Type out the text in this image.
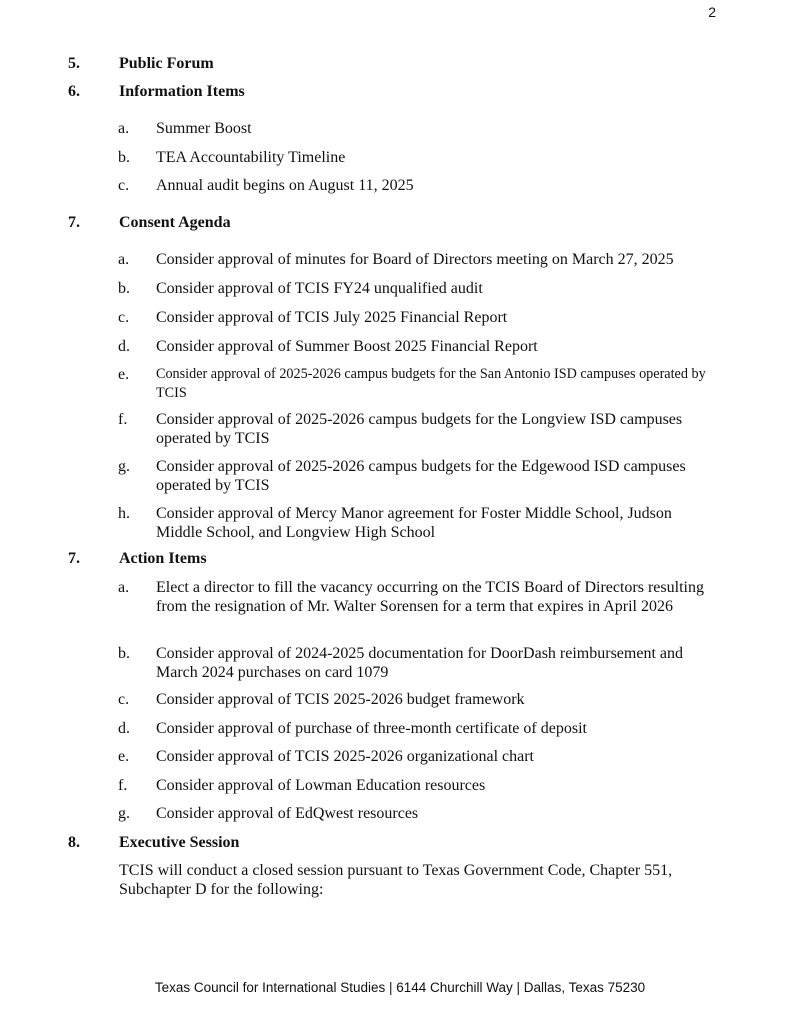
2
5.	Public Forum
6.	Information Items
a.	Summer Boost
b.	TEA Accountability Timeline
c.	Annual audit begins on August 11, 2025
7.	Consent Agenda
a.	Consider approval of minutes for Board of Directors meeting on March 27, 2025
b.	Consider approval of TCIS FY24 unqualified audit
c.	Consider approval of TCIS July 2025 Financial Report
d.	Consider approval of Summer Boost 2025 Financial Report
e.	Consider approval of 2025-2026 campus budgets for the San Antonio ISD campuses operated by TCIS
f.	Consider approval of 2025-2026 campus budgets for the Longview ISD campuses operated by TCIS
g.	Consider approval of 2025-2026 campus budgets for the Edgewood ISD campuses operated by TCIS
h.	Consider approval of Mercy Manor agreement for Foster Middle School, Judson Middle School, and Longview High School
7.	Action Items
a.	Elect a director to fill the vacancy occurring on the TCIS Board of Directors resulting from the resignation of Mr. Walter Sorensen for a term that expires in April 2026
b.	Consider approval of 2024-2025 documentation for DoorDash reimbursement and March 2024 purchases on card 1079
c.	Consider approval of TCIS 2025-2026 budget framework
d.	Consider approval of purchase of three-month certificate of deposit
e.	Consider approval of TCIS 2025-2026 organizational chart
f.	Consider approval of Lowman Education resources
g.	Consider approval of EdQwest resources
8.	Executive Session
TCIS will conduct a closed session pursuant to Texas Government Code, Chapter 551, Subchapter D for the following:
Texas Council for International Studies | 6144 Churchill Way | Dallas, Texas 75230
